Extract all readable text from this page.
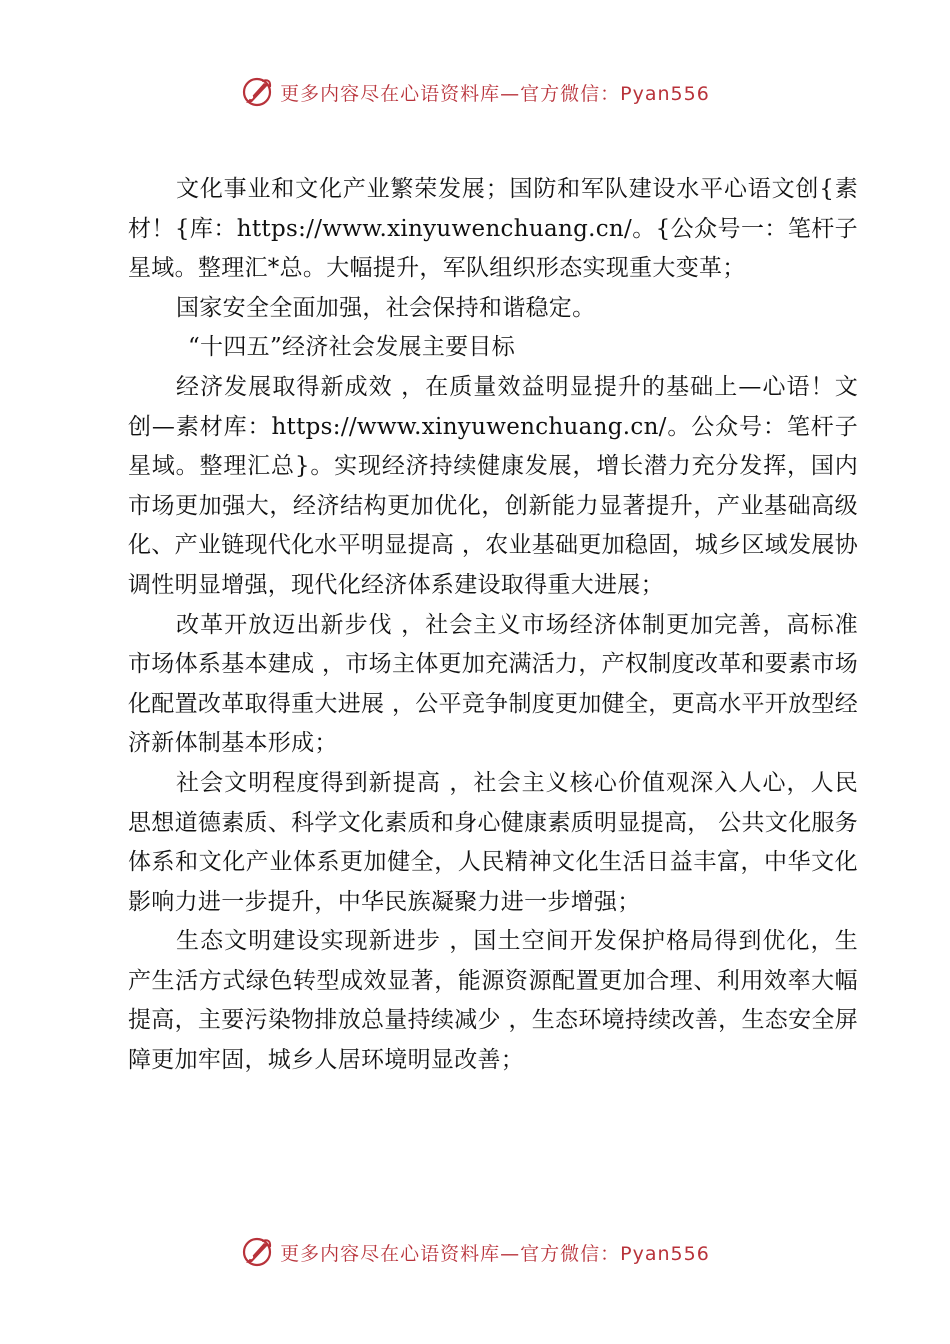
更多内容尽在心语资料库—官方微信：Pyan556

文化事业和文化产业繁荣发展；国防和军队建设水平心语文创{素材！{库：https://www.xinyuwenchuang.cn/。{公众号一：笔杆子星域。整理汇*总。大幅提升，军队组织形态实现重大变革；

国家安全全面加强，社会保持和谐稳定。

“十四五”经济社会发展主要目标

经济发展取得新成效 ，在质量效益明显提升的基础上—心语！文创—素材库：https://www.xinyuwenchuang.cn/。公众号：笔杆子星域。整理汇总}。实现经济持续健康发展，增长潜力充分发挥，国内市场更加强大，经济结构更加优化，创新能力显著提升，产业基础高级化、产业链现代化水平明显提高 ，农业基础更加稳固，城乡区域发展协调性明显增强，现代化经济体系建设取得重大进展；

改革开放迈出新步伐 ，社会主义市场经济体制更加完善，高标准市场体系基本建成 ，市场主体更加充满活力，产权制度改革和要素市场化配置改革取得重大进展 ，公平竞争制度更加健全，更高水平开放型经济新体制基本形成；

社会文明程度得到新提高 ，社会主义核心价值观深入人心，人民思想道德素质、科学文化素质和身心健康素质明显提高， 公共文化服务体系和文化产业体系更加健全，人民精神文化生活日益丰富，中华文化影响力进一步提升，中华民族凝聚力进一步增强；

生态文明建设实现新进步 ，国土空间开发保护格局得到优化，生产生活方式绿色转型成效显著，能源资源配置更加合理、利用效率大幅提高，主要污染物排放总量持续减少 ，生态环境持续改善，生态安全屏障更加牢固，城乡人居环境明显改善；

更多内容尽在心语资料库—官方微信：Pyan556
